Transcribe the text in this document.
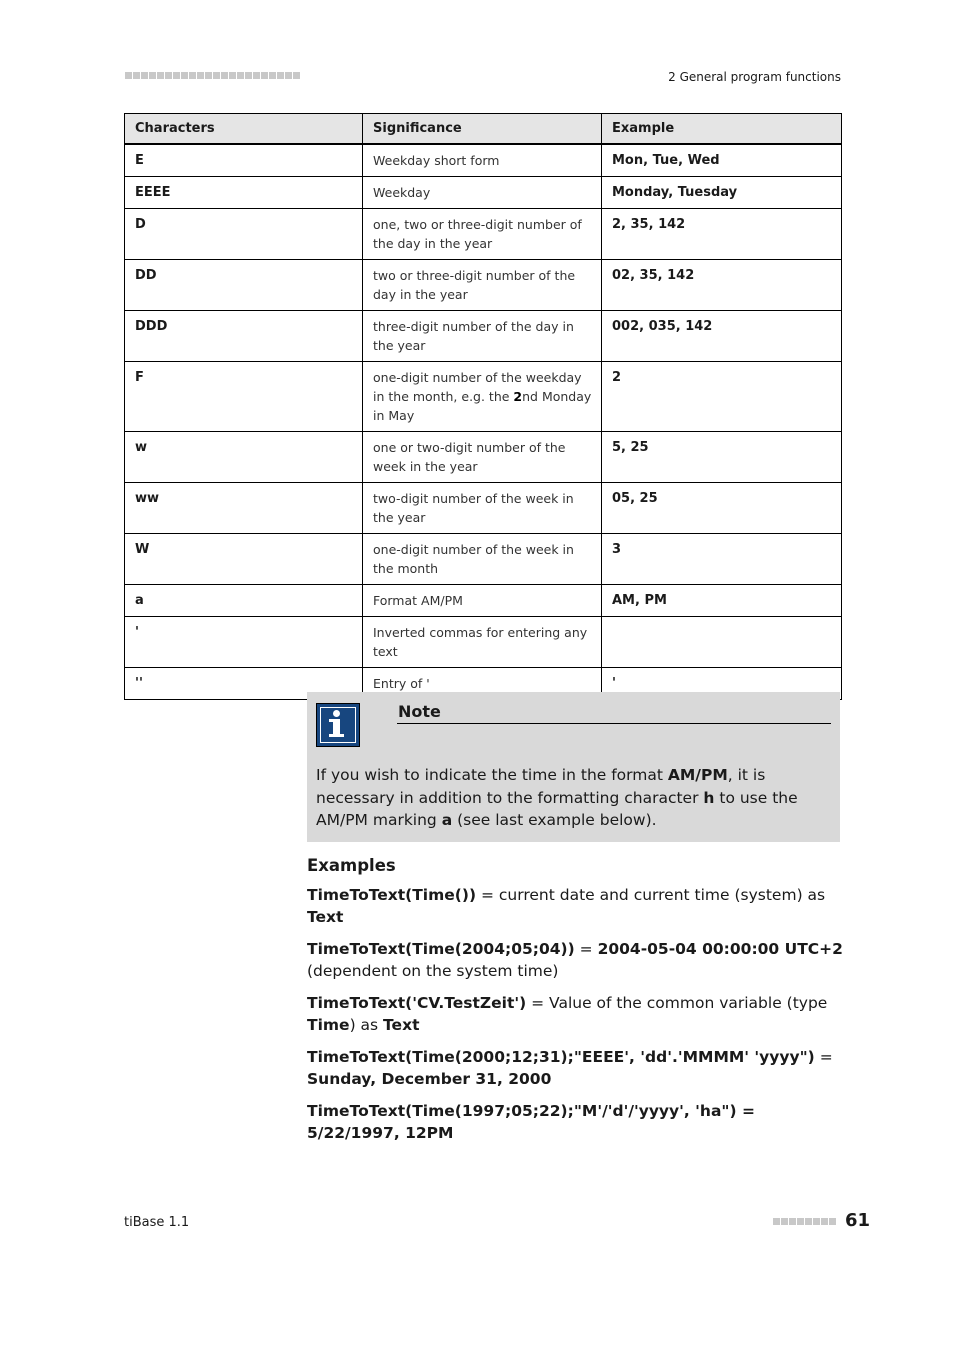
2 General program functions
Characters	Significance	Example
E	Weekday short form	Mon, Tue, Wed
EEEE	Weekday	Monday, Tuesday
D	one, two or three-digit number of the day in the year	2, 35, 142
DD	two or three-digit number of the day in the year	02, 35, 142
DDD	three-digit number of the day in the year	002, 035, 142
F	one-digit number of the weekday in the month, e.g. the 2nd Monday in May	2
w	one or two-digit number of the week in the year	5, 25
ww	two-digit number of the week in the year	05, 25
W	one-digit number of the week in the month	3
a	Format AM/PM	AM, PM
'	Inverted commas for entering any text	
''	Entry of '	'
Note
If you wish to indicate the time in the format AM/PM, it is necessary in addition to the formatting character h to use the AM/PM marking a (see last example below).
Examples

TimeToText(Time()) = current date and current time (system) as Text

TimeToText(Time(2004;05;04)) = 2004-05-04 00:00:00 UTC+2 (dependent on the system time)

TimeToText('CV.TestZeit') = Value of the common variable (type Time) as Text

TimeToText(Time(2000;12;31);"EEEE', 'dd'.'MMMM' 'yyyy") = Sunday, December 31, 2000

TimeToText(Time(1997;05;22);"M'/'d'/'yyyy', 'ha") = 5/22/1997, 12PM

tiBase 1.1	61
